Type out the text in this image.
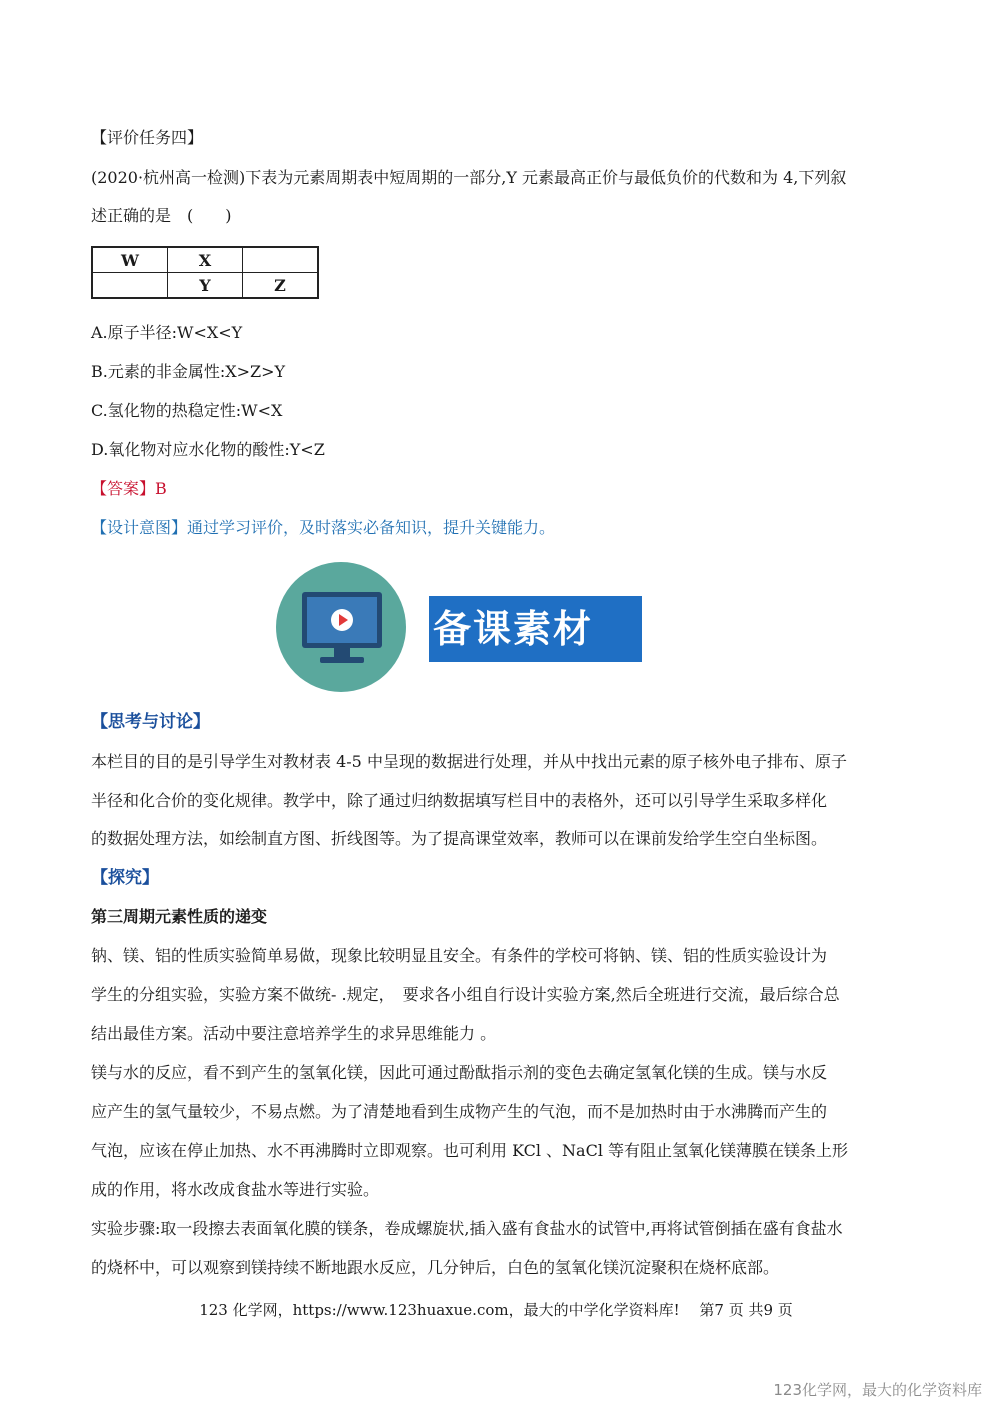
【评价任务四】
(2020·杭州高一检测)下表为元素周期表中短周期的一部分,Y 元素最高正价与最低负价的代数和为 4,下列叙
述正确的是　(　　)
W	X	
	Y	Z
A.原子半径:W<X<Y
B.元素的非金属性:X>Z>Y
C.氢化物的热稳定性:W<X
D.氧化物对应水化物的酸性:Y<Z
【答案】B
【设计意图】通过学习评价，及时落实必备知识，提升关键能力。
备课素材
【思考与讨论】
本栏目的目的是引导学生对教材表 4-5 中呈现的数据进行处理，并从中找出元素的原子核外电子排布、原子
半径和化合价的变化规律。教学中，除了通过归纳数据填写栏目中的表格外，还可以引导学生采取多样化
的数据处理方法，如绘制直方图、折线图等。为了提高课堂效率，教师可以在课前发给学生空白坐标图。
【探究】
第三周期元素性质的递变
钠、镁、铝的性质实验简单易做，现象比较明显且安全。有条件的学校可将钠、镁、铝的性质实验设计为
学生的分组实验，实验方案不做统- .规定，　要求各小组自行设计实验方案,然后全班进行交流，最后综合总
结出最佳方案。活动中要注意培养学生的求异思维能力 。
镁与水的反应，看不到产生的氢氧化镁，因此可通过酚酞指示剂的变色去确定氢氧化镁的生成。镁与水反
应产生的氢气量较少，不易点燃。为了清楚地看到生成物产生的气泡，而不是加热时由于水沸腾而产生的
气泡，应该在停止加热、水不再沸腾时立即观察。也可利用 KCl 、NaCl 等有阻止氢氧化镁薄膜在镁条上形
成的作用，将水改成食盐水等进行实验。
实验步骤:取一段擦去表面氧化膜的镁条，卷成螺旋状,插入盛有食盐水的试管中,再将试管倒插在盛有食盐水
的烧杯中，可以观察到镁持续不断地跟水反应，几分钟后，白色的氢氧化镁沉淀聚积在烧杯底部。
123 化学网，https://www.123huaxue.com，最大的中学化学资料库!　 第7 页 共9 页
123化学网，最大的化学资料库
